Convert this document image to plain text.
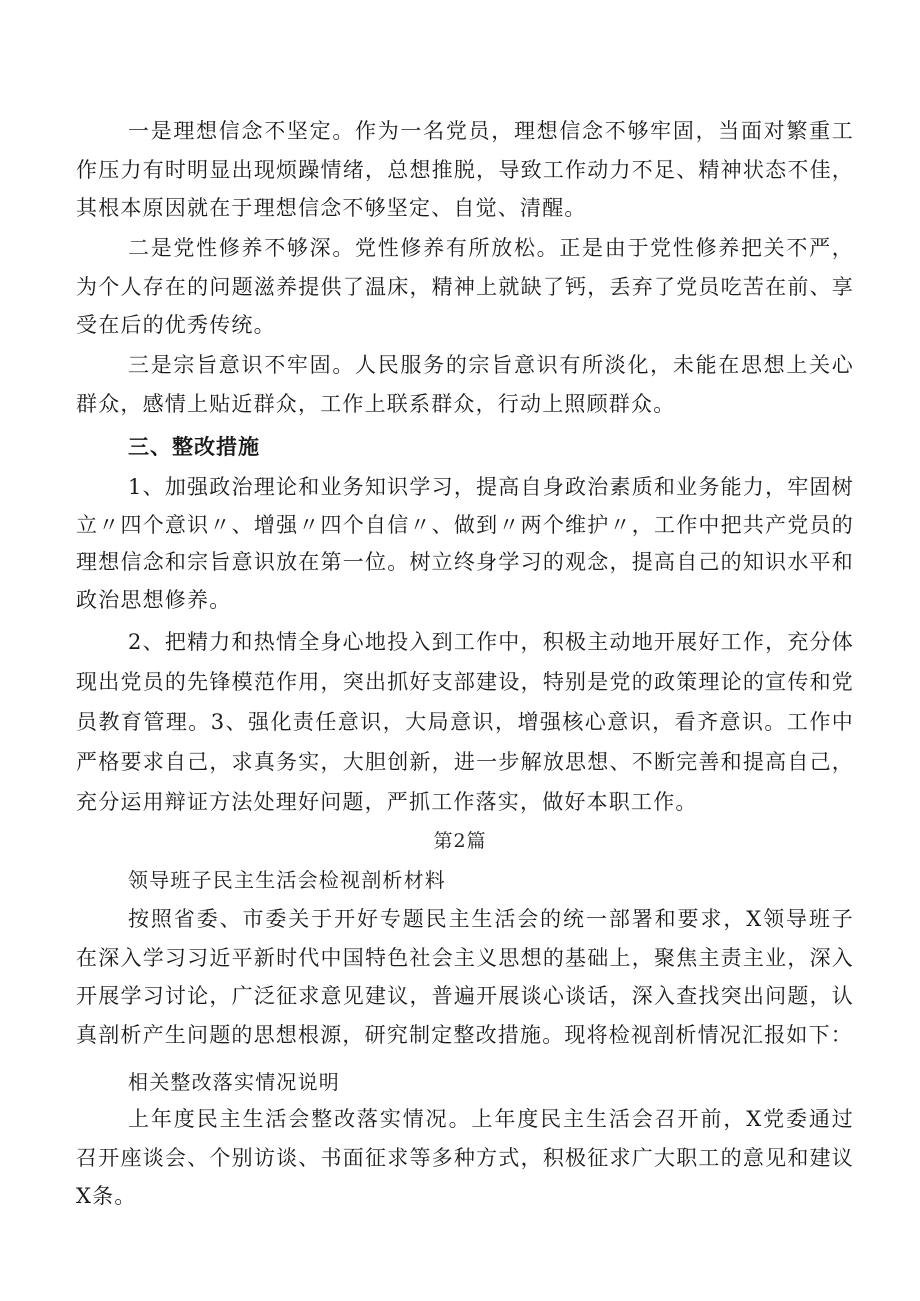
一是理想信念不坚定。作为一名党员，理想信念不够牢固，当面对繁重工作压力有时明显出现烦躁情绪，总想推脱，导致工作动力不足、精神状态不佳，其根本原因就在于理想信念不够坚定、自觉、清醒。

二是党性修养不够深。党性修养有所放松。正是由于党性修养把关不严，为个人存在的问题滋养提供了温床，精神上就缺了钙，丢弃了党员吃苦在前、享受在后的优秀传统。

三是宗旨意识不牢固。人民服务的宗旨意识有所淡化，未能在思想上关心群众，感情上贴近群众，工作上联系群众，行动上照顾群众。

三、整改措施

1、加强政治理论和业务知识学习，提高自身政治素质和业务能力，牢固树立〃四个意识〃、增强〃四个自信〃、做到〃两个维护〃，工作中把共产党员的理想信念和宗旨意识放在第一位。树立终身学习的观念，提高自己的知识水平和政治思想修养。

2、把精力和热情全身心地投入到工作中，积极主动地开展好工作，充分体现出党员的先锋模范作用，突出抓好支部建设，特别是党的政策理论的宣传和党员教育管理。3、强化责任意识，大局意识，增强核心意识，看齐意识。工作中严格要求自己，求真务实，大胆创新，进一步解放思想、不断完善和提高自己，充分运用辩证方法处理好问题，严抓工作落实，做好本职工作。

第2篇
领导班子民主生活会检视剖析材料

按照省委、市委关于开好专题民主生活会的统一部署和要求，X领导班子在深入学习习近平新时代中国特色社会主义思想的基础上，聚焦主责主业，深入开展学习讨论，广泛征求意见建议，普遍开展谈心谈话，深入查找突出问题，认真剖析产生问题的思想根源，研究制定整改措施。现将检视剖析情况汇报如下：

相关整改落实情况说明

上年度民主生活会整改落实情况。上年度民主生活会召开前，X党委通过召开座谈会、个别访谈、书面征求等多种方式，积极征求广大职工的意见和建议X条。
